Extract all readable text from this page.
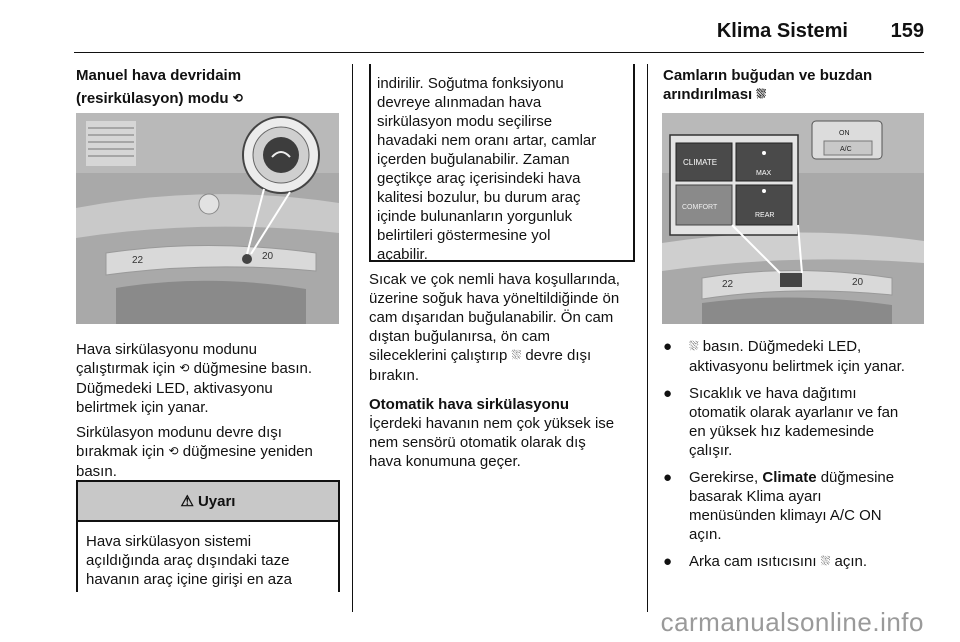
Klima Sistemi 159

Manuel hava devridaim

(resirkülasyon) modu ⟲

22	20

Hava sirkülasyonu modunu

çalıştırmak için ⟲ düğmesine basın.

Düğmedeki LED, aktivasyonu

belirtmek için yanar.

Sirkülasyon modunu devre dışı

bırakmak için ⟲ düğmesine yeniden

basın.

⚠ Uyarı
Hava sirkülasyon sistemi
açıldığında araç dışındaki taze
havanın araç içine girişi en aza

indirilir. Soğutma fonksiyonu

devreye alınmadan hava

sirkülasyon modu seçilirse

havadaki nem oranı artar, camlar

içerden buğulanabilir. Zaman

geçtikçe araç içerisindeki hava

kalitesi bozulur, bu durum araç

içinde bulunanların yorgunluk

belirtileri göstermesine yol

açabilir.

Sıcak ve çok nemli hava koşullarında,

üzerine soğuk hava yöneltildiğinde ön

cam dışarıdan buğulanabilir. Ön cam

dıştan buğulanırsa, ön cam

sileceklerini çalıştırıp ⛆ devre dışı

bırakın.

Otomatik hava sirkülasyonu

İçerdeki havanın nem çok yüksek ise

nem sensörü otomatik olarak dış

hava konumuna geçer.

Camların buğudan ve buzdan

arındırılması ⛆

22	20
CLIMATE
MAX
COMFORT
REAR
ON
A/C
●	⛆ basın. Düğmedeki LED,

aktivasyonu belirtmek için yanar.

●	Sıcaklık ve hava dağıtımı

otomatik olarak ayarlanır ve fan

en yüksek hız kademesinde

çalışır.

●	Gerekirse, Climate düğmesine

basarak Klima ayarı

menüsünden klimayı A/C ON

açın.

●	Arka cam ısıtıcısını ⛆ açın.

carmanualsonline.info
